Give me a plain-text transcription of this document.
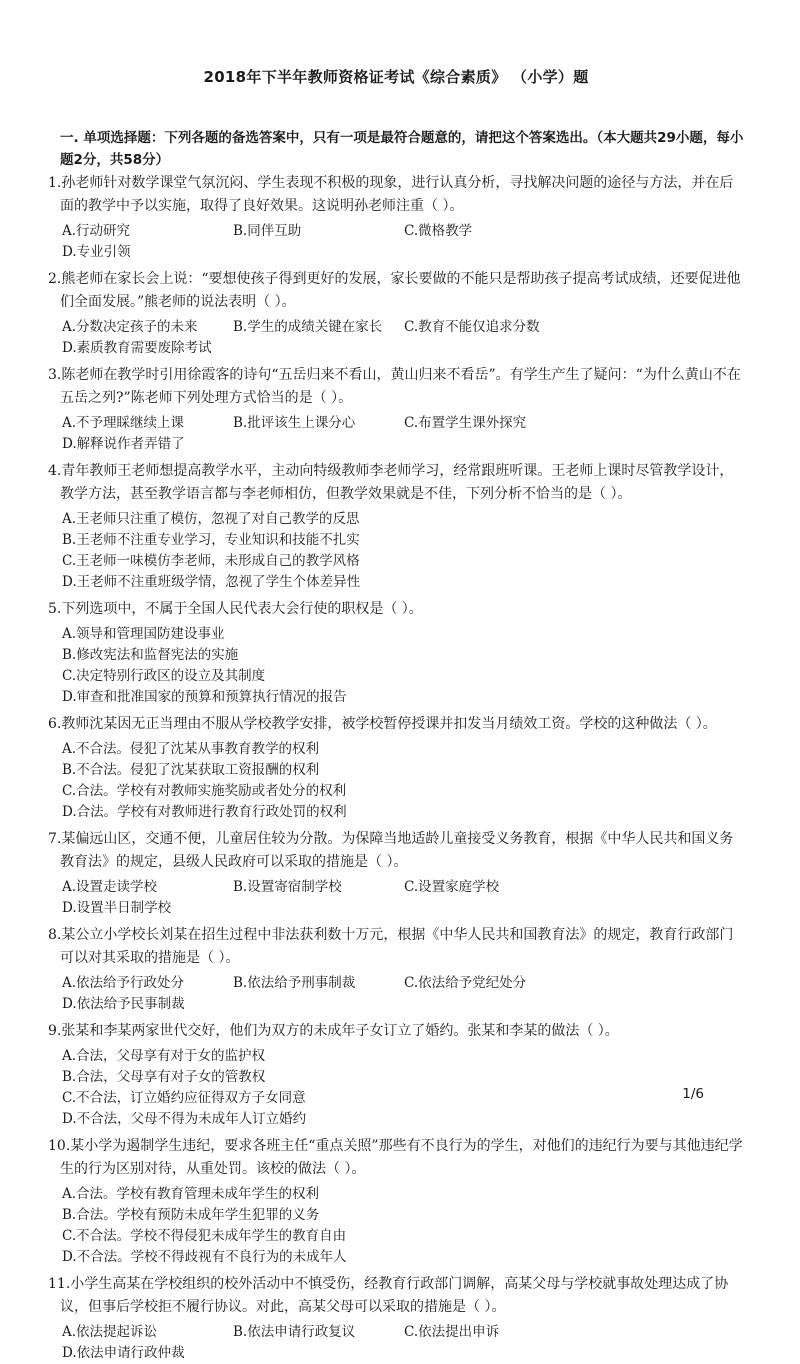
2018年下半年教师资格证考试《综合素质》 （小学）题
一. 单项选择题：下列各题的备选答案中，只有一项是最符合题意的，请把这个答案选出。（本大题共29小题，每小题2分，共58分）

1.孙老师针对数学课堂气氛沉闷、学生表现不积极的现象，进行认真分析，寻找解决问题的途径与方法，并在后面的教学中予以实施，取得了良好效果。这说明孙老师注重（ ）。

A.行动研究	B.同伴互助	C.微格教学
D.专业引领

2.熊老师在家长会上说：“要想使孩子得到更好的发展，家长要做的不能只是帮助孩子提高考试成绩，还要促进他们全面发展。”熊老师的说法表明（ ）。

A.分数决定孩子的未来	B.学生的成绩关键在家长	C.教育不能仅追求分数
D.素质教育需要废除考试

3.陈老师在教学时引用徐霞客的诗句“五岳归来不看山，黄山归来不看岳”。有学生产生了疑问：“为什么黄山不在五岳之列?”陈老师下列处理方式恰当的是（ ）。

A.不予理睬继续上课	B.批评该生上课分心	C.布置学生课外探究
D.解释说作者弄错了

4.青年教师王老师想提高教学水平，主动向特级教师李老师学习，经常跟班听课。王老师上课时尽管教学设计，教学方法，甚至教学语言都与李老师相仿，但教学效果就是不佳，下列分析不恰当的是（ ）。

A.王老师只注重了模仿，忽视了对自己教学的反思
B.王老师不注重专业学习，专业知识和技能不扎实
C.王老师一味模仿李老师，未形成自己的教学风格
D.王老师不注重班级学情，忽视了学生个体差异性

5.下列选项中，不属于全国人民代表大会行使的职权是（ ）。

A.领导和管理国防建设事业
B.修改宪法和监督宪法的实施
C.决定特别行政区的设立及其制度
D.审查和批准国家的预算和预算执行情况的报告

6.教师沈某因无正当理由不服从学校教学安排，被学校暂停授课并扣发当月绩效工资。学校的这种做法（ ）。

A.不合法。侵犯了沈某从事教育教学的权利
B.不合法。侵犯了沈某获取工资报酬的权利
C.合法。学校有对教师实施奖励或者处分的权利
D.合法。学校有对教师进行教育行政处罚的权利

7.某偏远山区，交通不便，儿童居住较为分散。为保障当地适龄儿童接受义务教育，根据《中华人民共和国义务教育法》的规定，县级人民政府可以采取的措施是（ ）。

A.设置走读学校	B.设置寄宿制学校	C.设置家庭学校
D.设置半日制学校

8.某公立小学校长刘某在招生过程中非法获利数十万元，根据《中华人民共和国教育法》的规定，教育行政部门可以对其采取的措施是（ ）。

A.依法给予行政处分	B.依法给予刑事制裁	C.依法给予党纪处分
D.依法给予民事制裁

9.张某和李某两家世代交好，他们为双方的未成年子女订立了婚约。张某和李某的做法（ ）。

A.合法，父母享有对于女的监护权
B.合法，父母享有对子女的管教权
C.不合法，订立婚约应征得双方子女同意
D.不合法，父母不得为未成年人订立婚约

10.某小学为遏制学生违纪，要求各班主任“重点关照”那些有不良行为的学生，对他们的违纪行为要与其他违纪学生的行为区别对待，从重处罚。该校的做法（ ）。

A.合法。学校有教育管理未成年学生的权利
B.合法。学校有预防未成年学生犯罪的义务
C.不合法。学校不得侵犯未成年学生的教育自由
D.不合法。学校不得歧视有不良行为的未成年人

11.小学生高某在学校组织的校外活动中不慎受伤，经教育行政部门调解，高某父母与学校就事故处理达成了协议，但事后学校拒不履行协议。对此，高某父母可以采取的措施是（ ）。

A.依法提起诉讼	B.依法申请行政复议	C.依法提出申诉
D.依法申请行政仲裁
1/6
